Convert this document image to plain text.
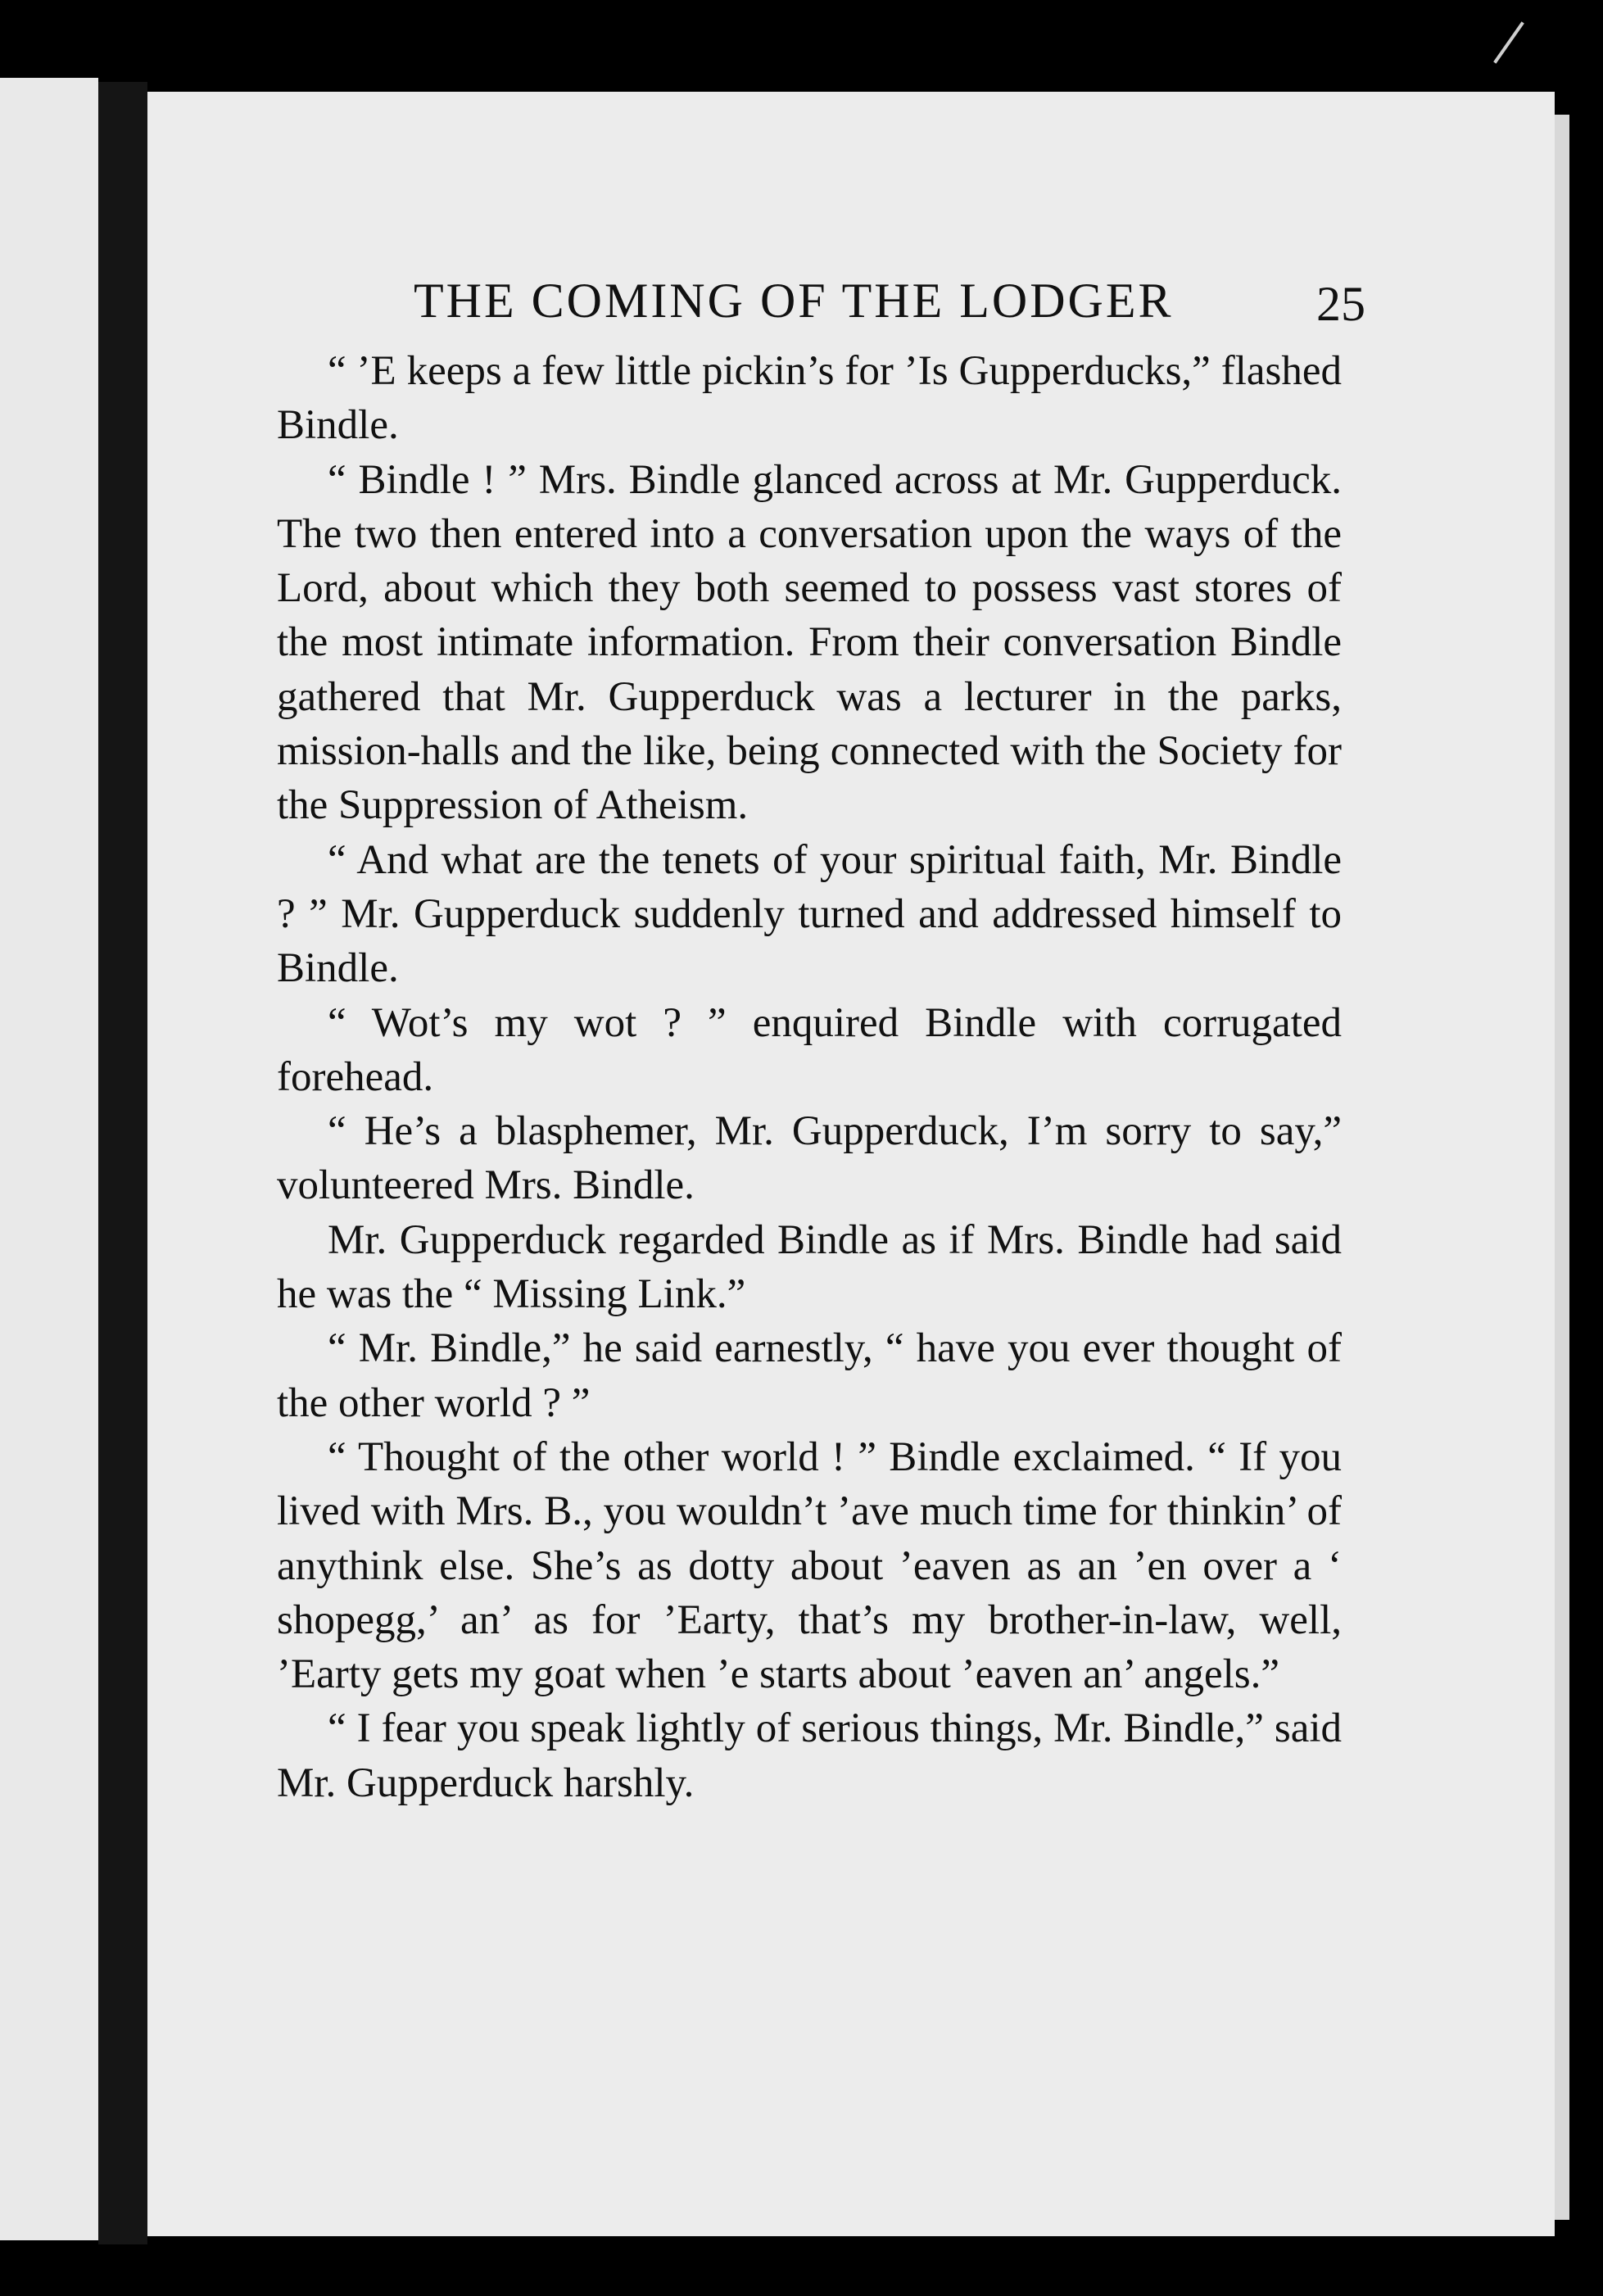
THE COMING OF THE LODGER	25

“ ’E keeps a few little pickin’s for ’Is Gupperducks,” flashed Bindle.

“ Bindle ! ” Mrs. Bindle glanced across at Mr. Gupperduck. The two then entered into a conversation upon the ways of the Lord, about which they both seemed to possess vast stores of the most intimate information. From their conversation Bindle gathered that Mr. Gupperduck was a lecturer in the parks, mission-halls and the like, being connected with the Society for the Suppression of Atheism.

“ And what are the tenets of your spiritual faith, Mr. Bindle ? ” Mr. Gupperduck suddenly turned and addressed himself to Bindle.

“ Wot’s my wot ? ” enquired Bindle with corrugated forehead.

“ He’s a blasphemer, Mr. Gupperduck, I’m sorry to say,” volunteered Mrs. Bindle.

Mr. Gupperduck regarded Bindle as if Mrs. Bindle had said he was the “ Missing Link.”

“ Mr. Bindle,” he said earnestly, “ have you ever thought of the other world ? ”

“ Thought of the other world ! ” Bindle exclaimed. “ If you lived with Mrs. B., you wouldn’t ’ave much time for thinkin’ of anythink else. She’s as dotty about ’eaven as an ’en over a ‘ shopegg,’ an’ as for ’Earty, that’s my brother-in-law, well, ’Earty gets my goat when ’e starts about ’eaven an’ angels.”

“ I fear you speak lightly of serious things, Mr. Bindle,” said Mr. Gupperduck harshly.
